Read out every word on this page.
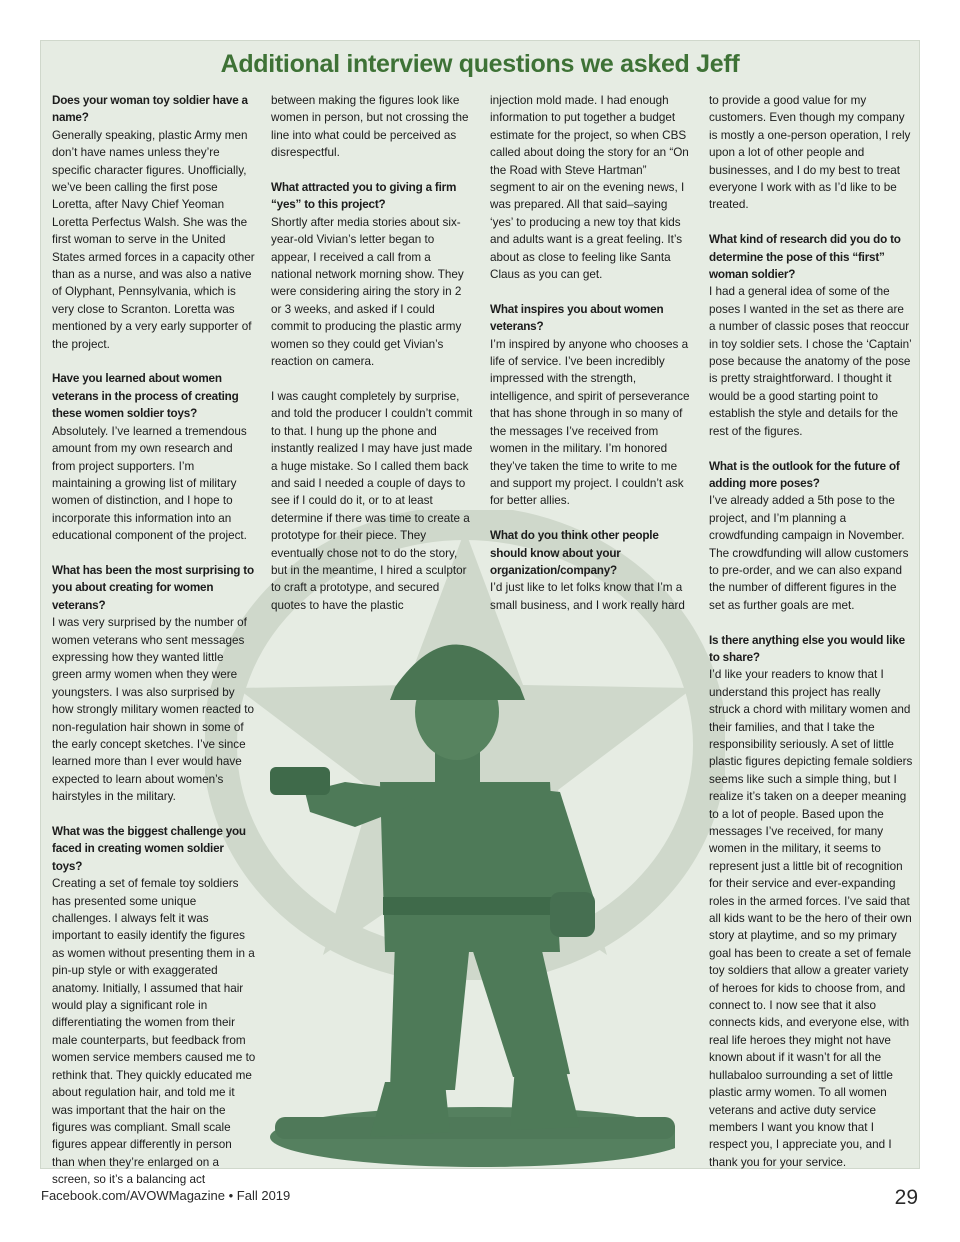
Additional interview questions we asked Jeff

Does your woman toy soldier have a name?

Generally speaking, plastic Army men don’t have names unless they’re specific character figures. Unofficially, we’ve been calling the first pose Loretta, after Navy Chief Yeoman Loretta Perfectus Walsh. She was the first woman to serve in the United States armed forces in a capacity other than as a nurse, and was also a native of Olyphant, Pennsylvania, which is very close to Scranton. Loretta was mentioned by a very early supporter of the project.

Have you learned about women veterans in the process of creating these women soldier toys?

Absolutely. I’ve learned a tremendous amount from my own research and from project supporters. I’m maintaining a growing list of military women of distinction, and I hope to incorporate this information into an educational component of the project.

What has been the most surprising to you about creating for women veterans?

I was very surprised by the number of women veterans who sent messages expressing how they wanted little green army women when they were youngsters. I was also surprised by how strongly military women reacted to non-regulation hair shown in some of the early concept sketches. I’ve since learned more than I ever would have expected to learn about women’s hairstyles in the military.

What was the biggest challenge you faced in creating women soldier toys?

Creating a set of female toy soldiers has presented some unique challenges. I always felt it was important to easily identify the figures as women without presenting them in a pin-up style or with exaggerated anatomy. Initially, I assumed that hair would play a significant role in differentiating the women from their male counterparts, but feedback from women service members caused me to rethink that. They quickly educated me about regulation hair, and told me it was important that the hair on the figures was compliant. Small scale figures appear differently in person than when they’re enlarged on a screen, so it’s a balancing act

between making the figures look like women in person, but not crossing the line into what could be perceived as disrespectful.

What attracted you to giving a firm “yes” to this project?

Shortly after media stories about six-year-old Vivian’s letter began to appear, I received a call from a national network morning show. They were considering airing the story in 2 or 3 weeks, and asked if I could commit to producing the plastic army women so they could get Vivian’s reaction on camera.

I was caught completely by surprise, and told the producer I couldn’t commit to that. I hung up the phone and instantly realized I may have just made a huge mistake. So I called them back and said I needed a couple of days to see if I could do it, or to at least determine if there was time to create a prototype for their piece. They eventually chose not to do the story, but in the meantime, I hired a sculptor to craft a prototype, and secured quotes to have the plastic

injection mold made. I had enough information to put together a budget estimate for the project, so when CBS called about doing the story for an “On the Road with Steve Hartman” segment to air on the evening news, I was prepared. All that said–saying ‘yes’ to producing a new toy that kids and adults want is a great feeling. It’s about as close to feeling like Santa Claus as you can get.

What inspires you about women veterans?

I’m inspired by anyone who chooses a life of service. I’ve been incredibly impressed with the strength, intelligence, and spirit of perseverance that has shone through in so many of the messages I’ve received from women in the military. I’m honored they’ve taken the time to write to me and support my project. I couldn’t ask for better allies.

What do you think other people should know about your organization/company?

I’d just like to let folks know that I’m a small business, and I work really hard

to provide a good value for my customers. Even though my company is mostly a one-person operation, I rely upon a lot of other people and businesses, and I do my best to treat everyone I work with as I’d like to be treated.

What kind of research did you do to determine the pose of this “first” woman soldier?

I had a general idea of some of the poses I wanted in the set as there are a number of classic poses that reoccur in toy soldier sets. I chose the ‘Captain’ pose because the anatomy of the pose is pretty straightforward. I thought it would be a good starting point to establish the style and details for the rest of the figures.

What is the outlook for the future of adding more poses?

I’ve already added a 5th pose to the project, and I’m planning a crowdfunding campaign in November. The crowdfunding will allow customers to pre-order, and we can also expand the number of different figures in the set as further goals are met.

Is there anything else you would like to share?

I’d like your readers to know that I understand this project has really struck a chord with military women and their families, and that I take the responsibility seriously. A set of little plastic figures depicting female soldiers seems like such a simple thing, but I realize it’s taken on a deeper meaning to a lot of people. Based upon the messages I’ve received, for many women in the military, it seems to represent just a little bit of recognition for their service and ever-expanding roles in the armed forces. I’ve said that all kids want to be the hero of their own story at playtime, and so my primary goal has been to create a set of female toy soldiers that allow a greater variety of heroes for kids to choose from, and connect to. I now see that it also connects kids, and everyone else, with real life heroes they might not have known about if it wasn’t for all the hullabaloo surrounding a set of little plastic army women. To all women veterans and active duty service members I want you know that I respect you, I appreciate you, and I thank you for your service.

Facebook.com/AVOWMagazine • Fall 2019	29
